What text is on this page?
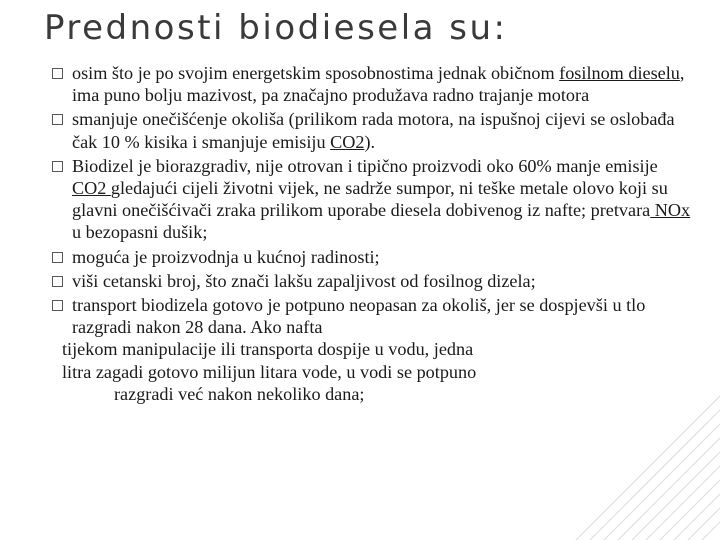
Prednosti biodiesela su:
osim što je po svojim energetskim sposobnostima jednak običnom fosilnom dieselu, ima puno bolju mazivost, pa značajno produžava radno trajanje motora
smanjuje onečišćenje okoliša (prilikom rada motora, na ispušnoj cijevi se oslobađa čak 10 % kisika i smanjuje emisiju CO2).
Biodizel je biorazgradiv, nije otrovan i tipično proizvodi oko 60% manje emisije CO2 gledajući cijeli životni vijek, ne sadrže sumpor, ni teške metale olovo koji su glavni onečišćivači zraka prilikom uporabe diesela dobivenog iz nafte; pretvara NOx u bezopasni dušik;
moguća je proizvodnja u kućnoj radinosti;
viši cetanski broj, što znači lakšu zapaljivost od fosilnog dizela;
transport biodizela gotovo je potpuno neopasan za okoliš, jer se dospjevši u tlo razgradi nakon 28 dana. Ako nafta
tijekom manipulacije ili transporta dospije u vodu, jedna
litra zagadi gotovo milijun litara vode, u vodi se potpuno
razgradi već nakon nekoliko dana;
